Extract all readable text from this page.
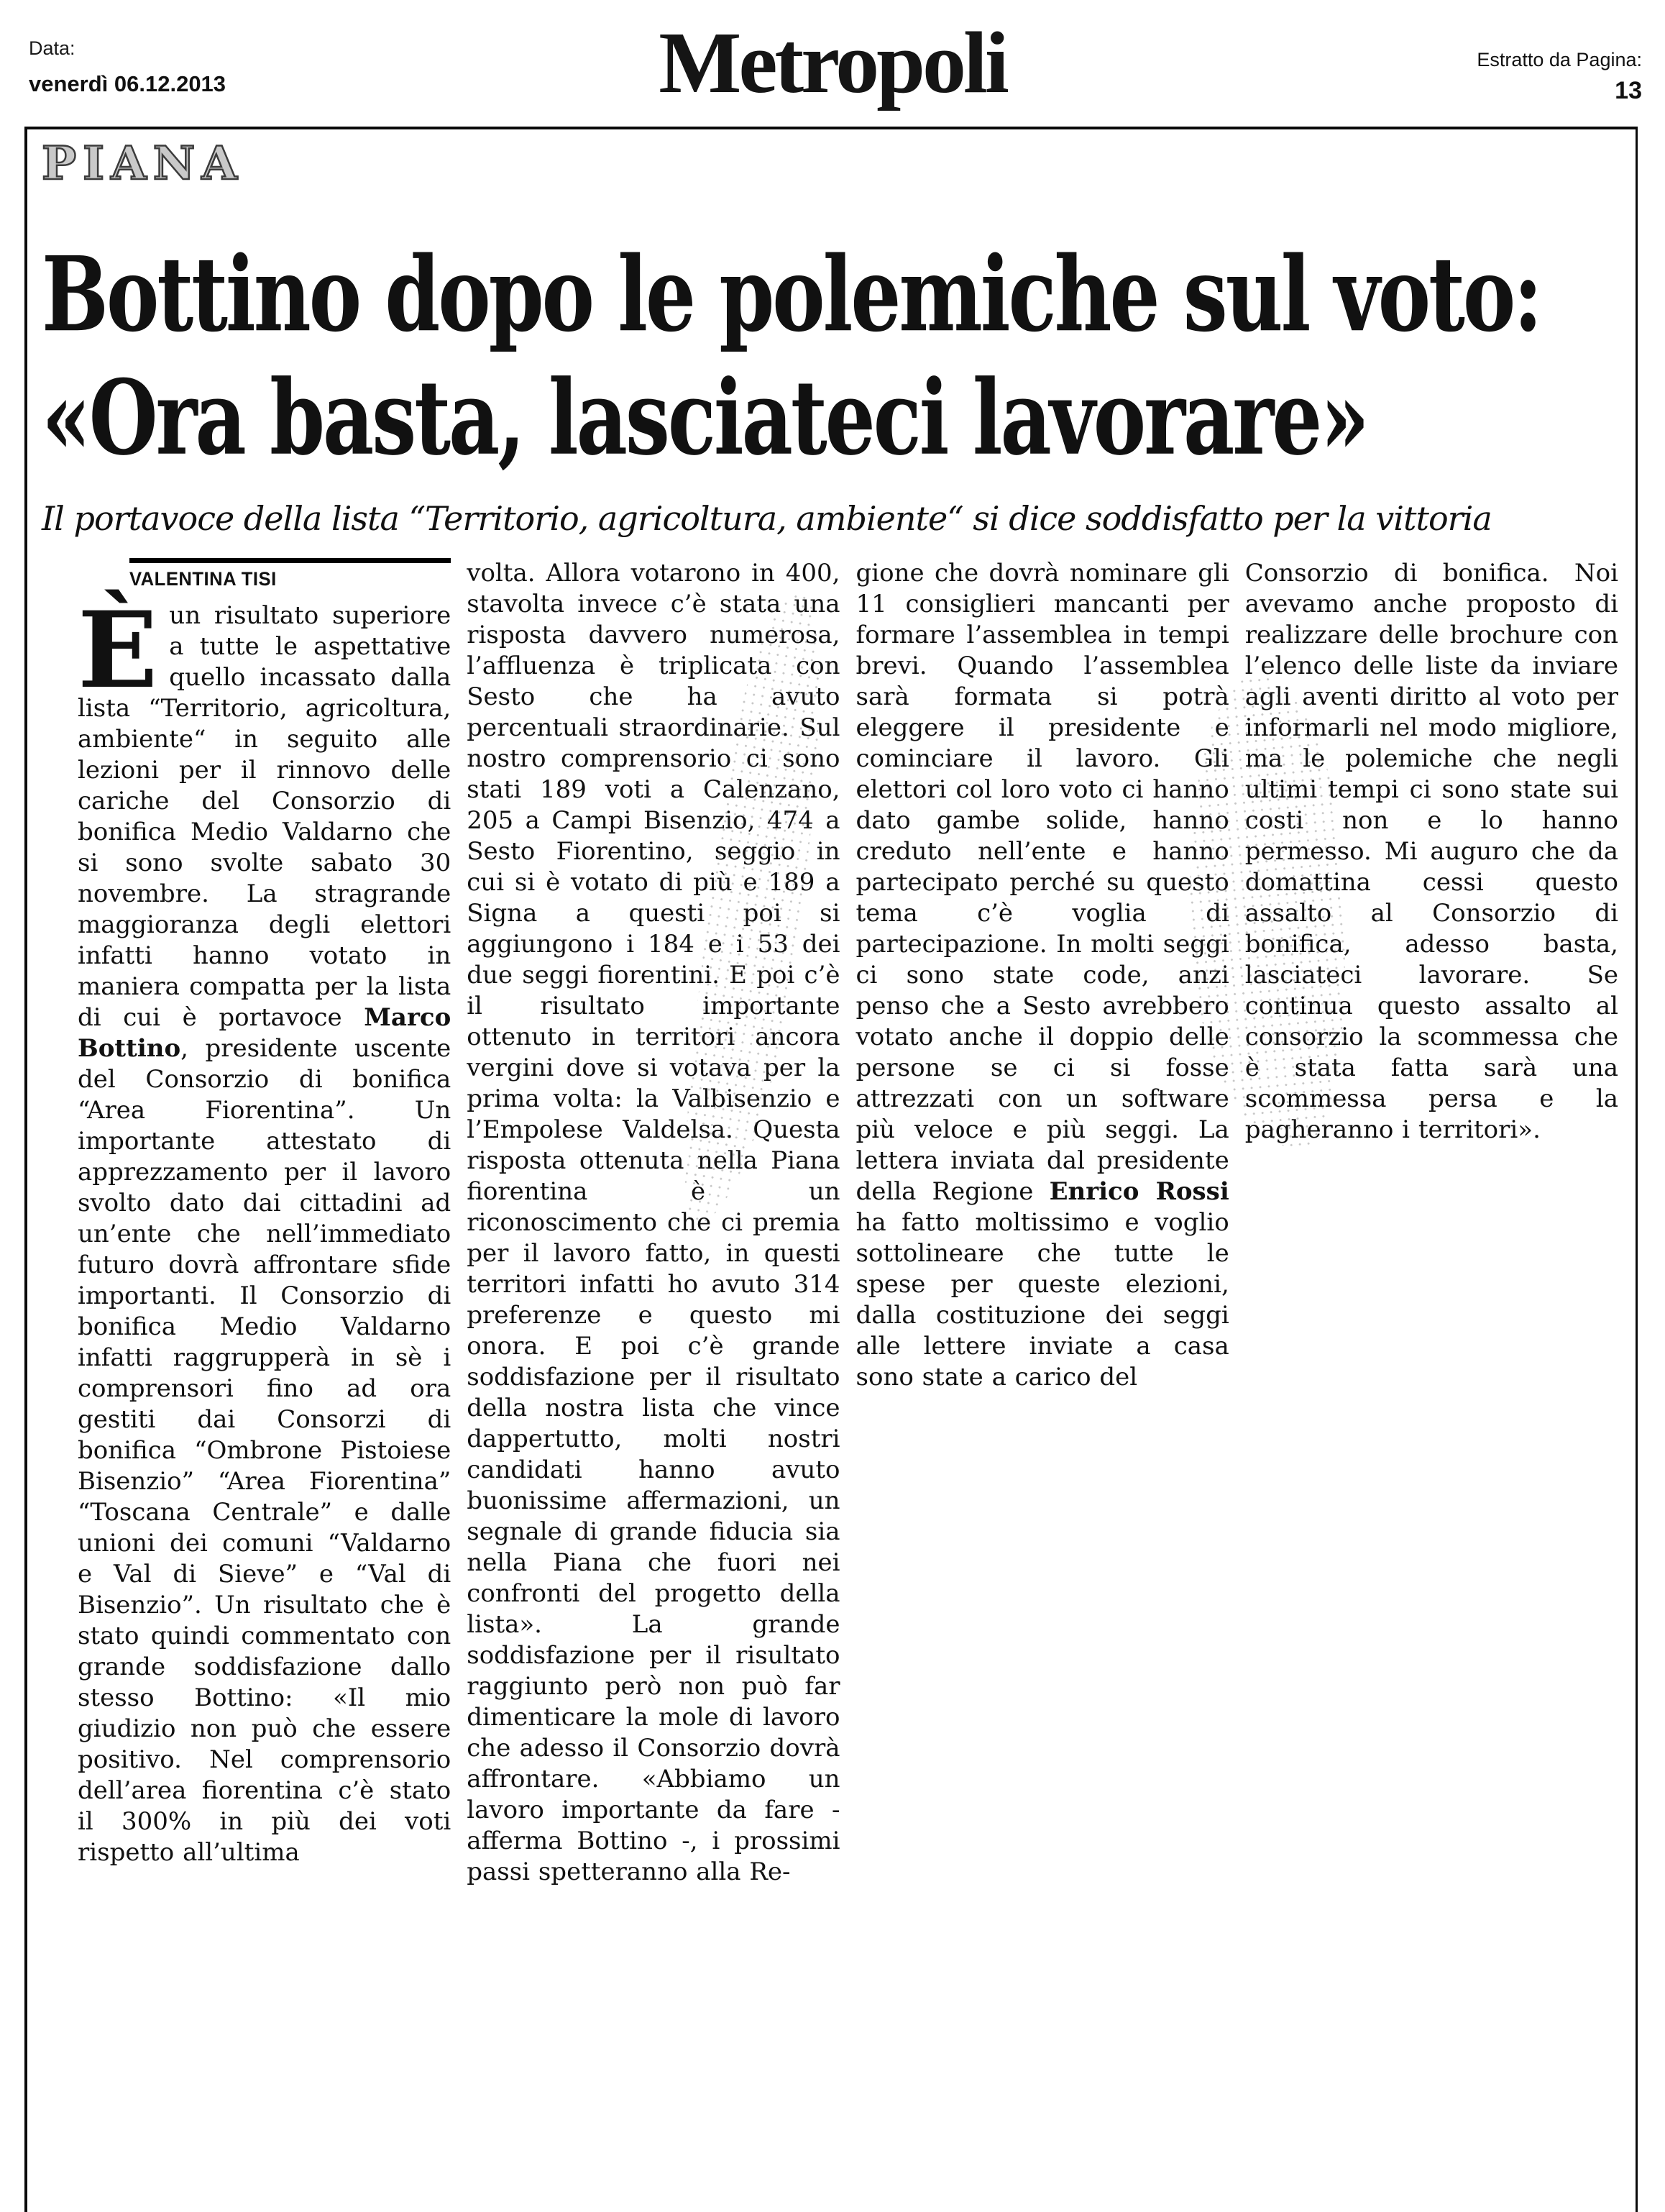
Data:
venerdì 06.12.2013	Metropoli	Estratto da Pagina:
13
PIANA
Bottino dopo le polemiche sul voto:
«Ora basta, lasciateci lavorare»
Il portavoce della lista “Territorio, agricoltura, ambiente“ si dice soddisfatto per la vittoria
VALENTINA TISI

Èun risultato superiore a tutte le aspettative quello incassato dalla lista “Territorio, agricoltura, ambiente“ in seguito alle lezioni per il rinnovo delle cariche del Consorzio di bonifica Medio Valdarno che si sono svolte sabato 30 novembre. La stragrande maggioranza degli elettori infatti hanno votato in maniera compatta per la lista di cui è portavoce Marco Bottino, presidente uscente del Consorzio di bonifica “Area Fiorentina”. Un importante attestato di apprezzamento per il lavoro svolto dato dai cittadini ad un’ente che nell’immediato futuro dovrà affrontare sfide importanti. Il Consorzio di bonifica Medio Valdarno infatti raggrupperà in sè i comprensori fino ad ora gestiti dai Consorzi di bonifica “Ombrone Pistoiese Bisenzio” “Area Fiorentina” “Toscana Centrale” e dalle unioni dei comuni “Valdarno e Val di Sieve” e “Val di Bisenzio”. Un risultato che è stato quindi commentato con grande soddisfazione dallo stesso Bottino: «Il mio giudizio non può che essere positivo. Nel comprensorio dell’area fiorentina c’è stato il 300% in più dei voti rispetto all’ultima

volta. Allora votarono in 400, stavolta invece c’è stata una risposta davvero numerosa, l’affluenza è triplicata con Sesto che ha avuto percentuali straordinarie. Sul nostro comprensorio ci sono stati 189 voti a Calenzano, 205 a Campi Bisenzio, 474 a Sesto Fiorentino, seggio in cui si è votato di più e 189 a Signa a questi poi si aggiungono i 184 e i 53 dei due seggi fiorentini. E poi c’è il risultato importante ottenuto in territori ancora vergini dove si votava per la prima volta: la Valbisenzio e l’Empolese Valdelsa. Questa risposta ottenuta nella Piana fiorentina è un riconoscimento che ci premia per il lavoro fatto, in questi territori infatti ho avuto 314 preferenze e questo mi onora. E poi c’è grande soddisfazione per il risultato della nostra lista che vince dappertutto, molti nostri candidati hanno avuto buonissime affermazioni, un segnale di grande fiducia sia nella Piana che fuori nei confronti del progetto della lista». La grande soddisfazione per il risultato raggiunto però non può far dimenticare la mole di lavoro che adesso il Consorzio dovrà affrontare. «Abbiamo un lavoro importante da fare - afferma Bottino -, i prossimi passi spetteranno alla Re-

gione che dovrà nominare gli 11 consiglieri mancanti per formare l’assemblea in tempi brevi. Quando l’assemblea sarà formata si potrà eleggere il presidente e cominciare il lavoro. Gli elettori col loro voto ci hanno dato gambe solide, hanno creduto nell’ente e hanno partecipato perché su questo tema c’è voglia di partecipazione. In molti seggi ci sono state code, anzi penso che a Sesto avrebbero votato anche il doppio delle persone se ci si fosse attrezzati con un software più veloce e più seggi. La lettera inviata dal presidente della Regione Enrico Rossi ha fatto moltissimo e voglio sottolineare che tutte le spese per queste elezioni, dalla costituzione dei seggi alle lettere inviate a casa sono state a carico del

Consorzio di bonifica. Noi avevamo anche proposto di realizzare delle brochure con l’elenco delle liste da inviare agli aventi diritto al voto per informarli nel modo migliore, ma le polemiche che negli ultimi tempi ci sono state sui costi non e lo hanno permesso. Mi auguro che da domattina cessi questo assalto al Consorzio di bonifica, adesso basta, lasciateci lavorare. Se continua questo assalto al consorzio la scommessa che è stata fatta sarà una scommessa persa e la pagheranno i territori».
